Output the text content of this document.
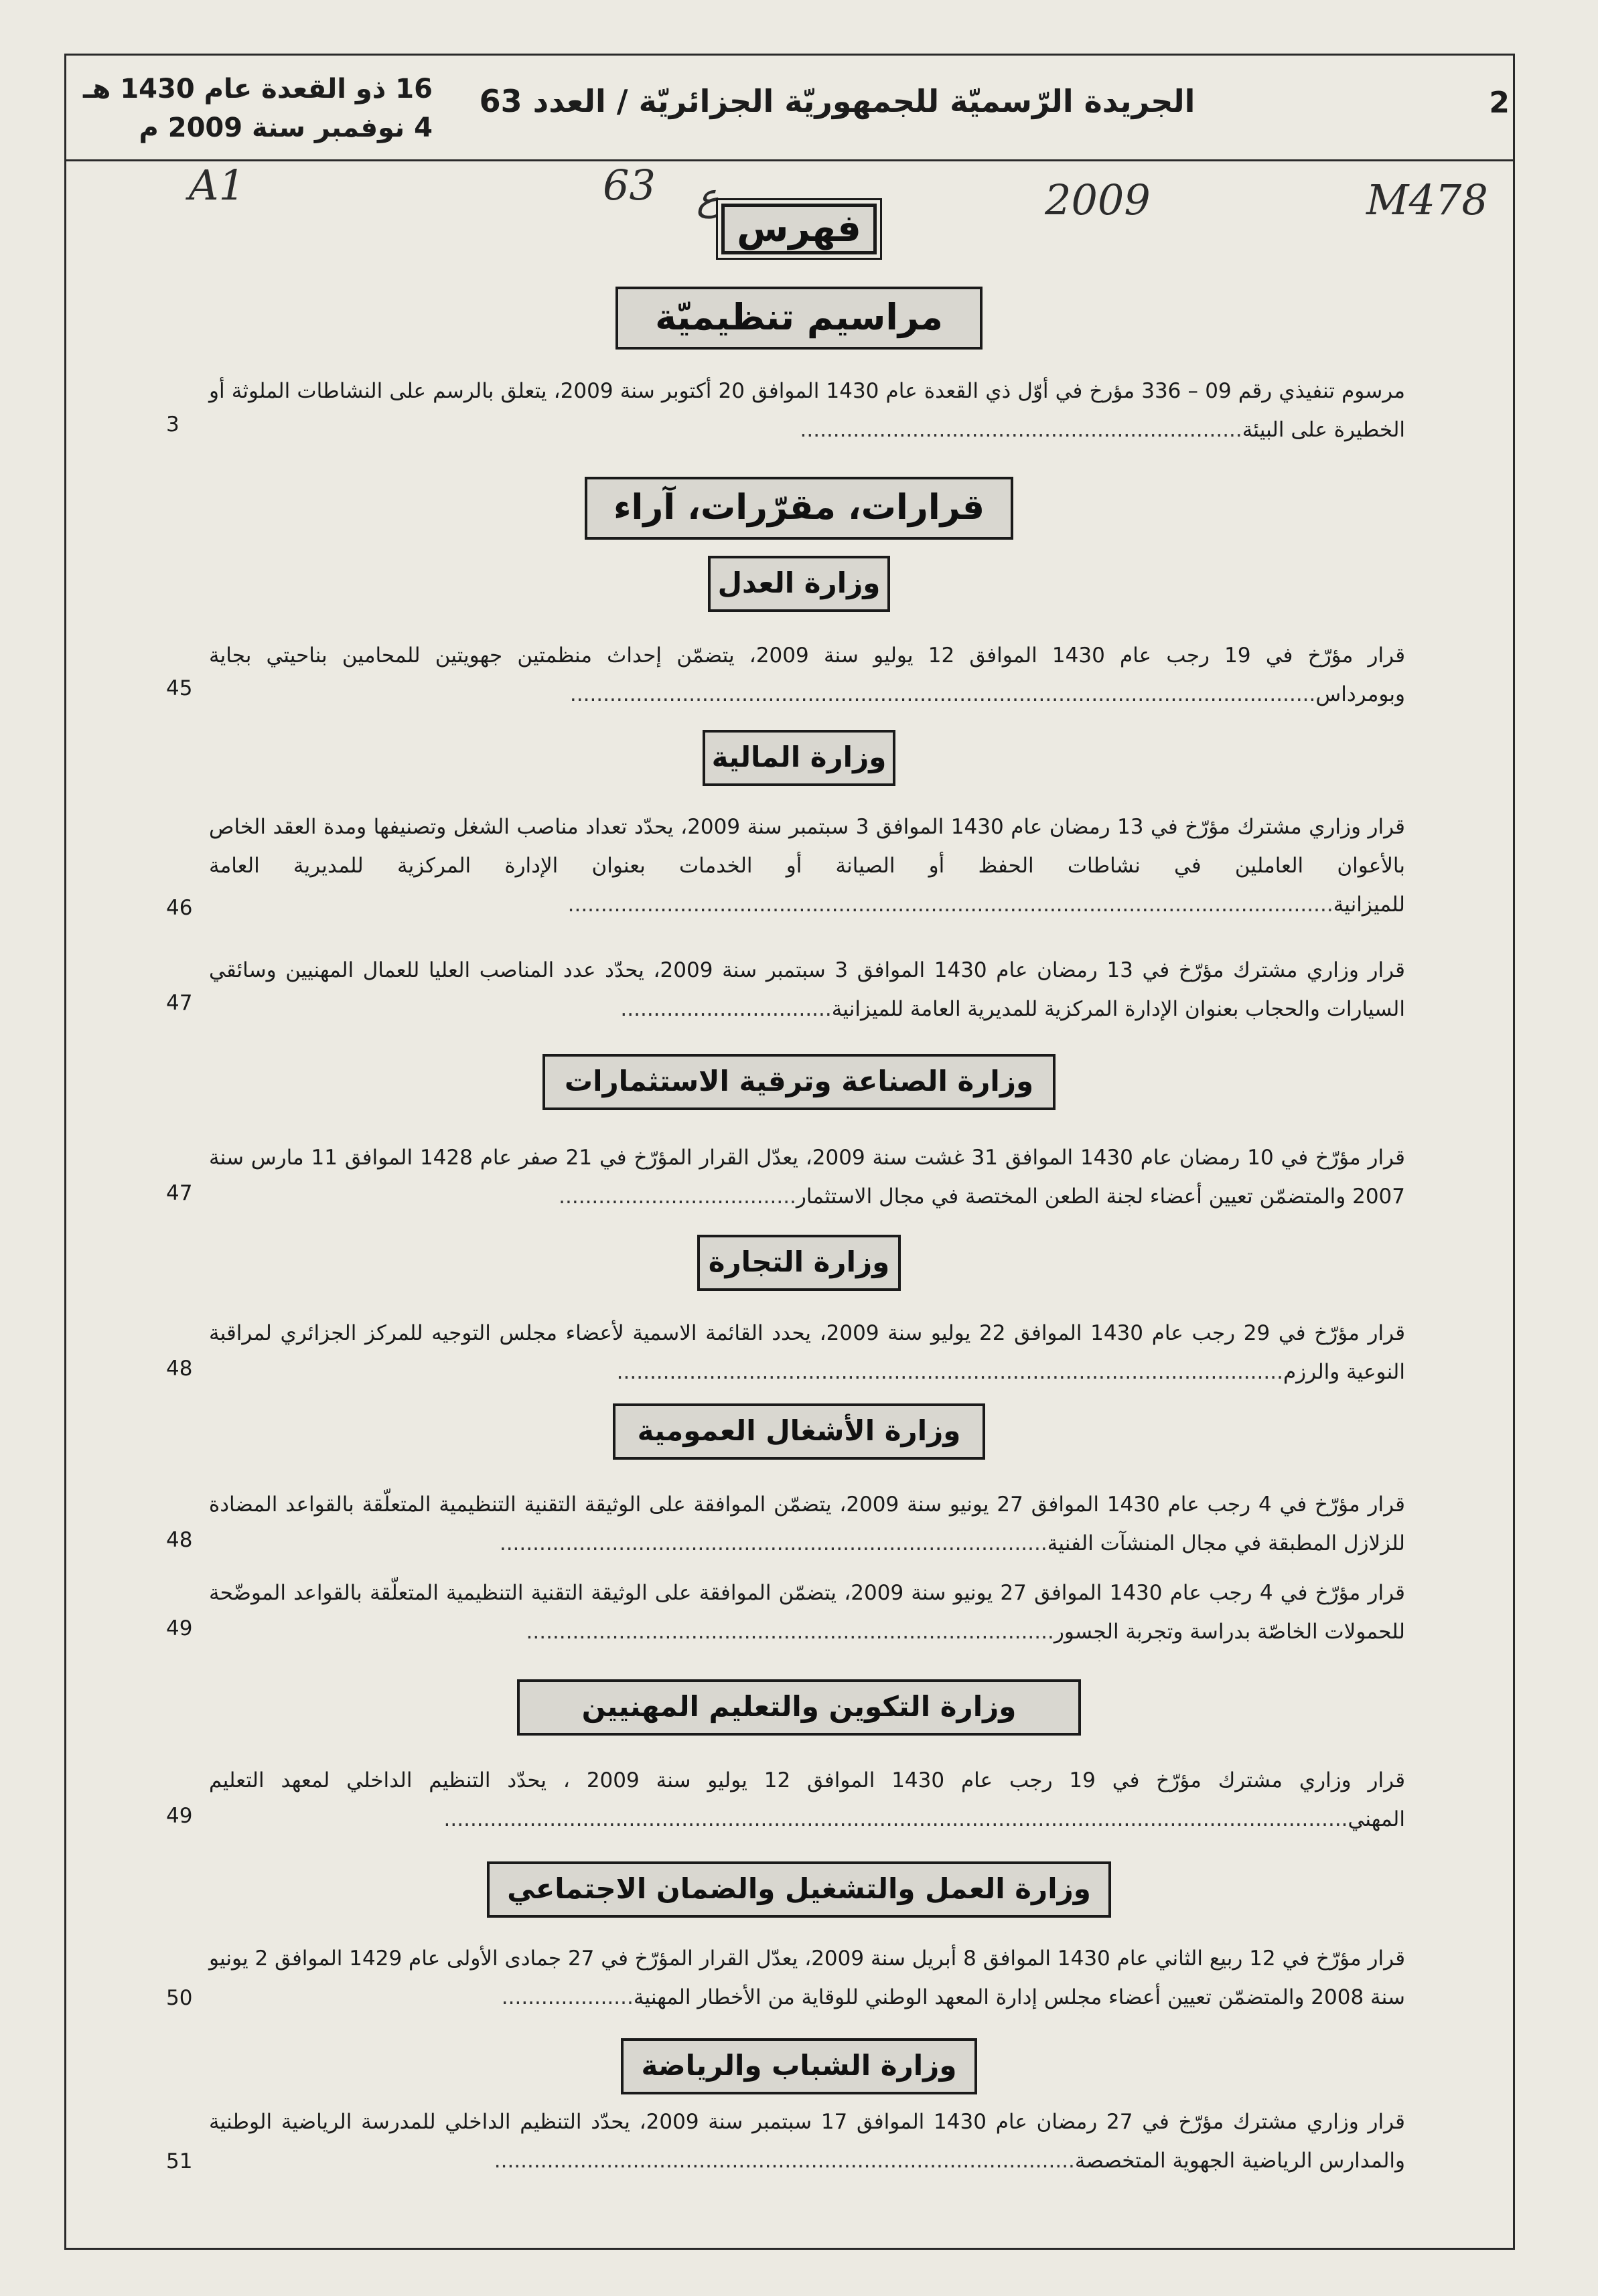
2
الجريدة الرّسميّة للجمهوريّة الجزائريّة / العدد 63
16 ذو القعدة عام 1430 هـ
4 نوفمبر سنة 2009 م
A1	63 ع	2009	M478
فهرس
مراسيم تنظيميّة
مرسوم تنفيذي رقم 09 – 336 مؤرخ في أوّل ذي القعدة عام 1430 الموافق 20 أكتوبر سنة 2009، يتعلق بالرسم على النشاطات الملوثة أو الخطيرة على البيئة...................................................................
3
قرارات، مقرّرات، آراء
وزارة العدل
قرار مؤرّخ في 19 رجب عام 1430 الموافق 12 يوليو سنة 2009، يتضمّن إحداث منظمتين جهويتين للمحامين بناحيتي بجاية وبومرداس.................................................................................................................
45
وزارة المالية
قرار وزاري مشترك مؤرّخ في 13 رمضان عام 1430 الموافق 3 سبتمبر سنة 2009، يحدّد تعداد مناصب الشغل وتصنيفها ومدة العقد الخاص بالأعوان العاملين في نشاطات الحفظ أو الصيانة أو الخدمات بعنوان الإدارة المركزية للمديرية العامة للميزانية....................................................................................................................
46
قرار وزاري مشترك مؤرّخ في 13 رمضان عام 1430 الموافق 3 سبتمبر سنة 2009، يحدّد عدد المناصب العليا للعمال المهنيين وسائقي السيارات والحجاب بعنوان الإدارة المركزية للمديرية العامة للميزانية................................
47
وزارة الصناعة وترقية الاستثمارات
قرار مؤرّخ في 10 رمضان عام 1430 الموافق 31 غشت سنة 2009، يعدّل القرار المؤرّخ في 21 صفر عام 1428 الموافق 11 مارس سنة 2007 والمتضمّن تعيين أعضاء لجنة الطعن المختصة في مجال الاستثمار....................................
47
وزارة التجارة
قرار مؤرّخ في 29 رجب عام 1430 الموافق 22 يوليو سنة 2009، يحدد القائمة الاسمية لأعضاء مجلس التوجيه للمركز الجزائري لمراقبة النوعية والرزم.....................................................................................................
48
وزارة الأشغال العمومية
قرار مؤرّخ في 4 رجب عام 1430 الموافق 27 يونيو سنة 2009، يتضمّن الموافقة على الوثيقة التقنية التنظيمية المتعلّقة بالقواعد المضادة للزلازل المطبقة في مجال المنشآت الفنية...................................................................................
48
قرار مؤرّخ في 4 رجب عام 1430 الموافق 27 يونيو سنة 2009، يتضمّن الموافقة على الوثيقة التقنية التنظيمية المتعلّقة بالقواعد الموضّحة للحمولات الخاصّة بدراسة وتجربة الجسور................................................................................
49
وزارة التكوين والتعليم المهنيين
قرار وزاري مشترك مؤرّخ في 19 رجب عام 1430 الموافق 12 يوليو سنة 2009 ، يحدّد التنظيم الداخلي لمعهد التعليم المهني.........................................................................................................................................
49
وزارة العمل والتشغيل والضمان الاجتماعي
قرار مؤرّخ في 12 ربيع الثاني عام 1430 الموافق 8 أبريل سنة 2009، يعدّل القرار المؤرّخ في 27 جمادى الأولى عام 1429 الموافق 2 يونيو سنة 2008 والمتضمّن تعيين أعضاء مجلس إدارة المعهد الوطني للوقاية من الأخطار المهنية....................
50
وزارة الشباب والرياضة
قرار وزاري مشترك مؤرّخ في 27 رمضان عام 1430 الموافق 17 سبتمبر سنة 2009، يحدّد التنظيم الداخلي للمدرسة الرياضية الوطنية والمدارس الرياضية الجهوية المتخصصة........................................................................................
51
